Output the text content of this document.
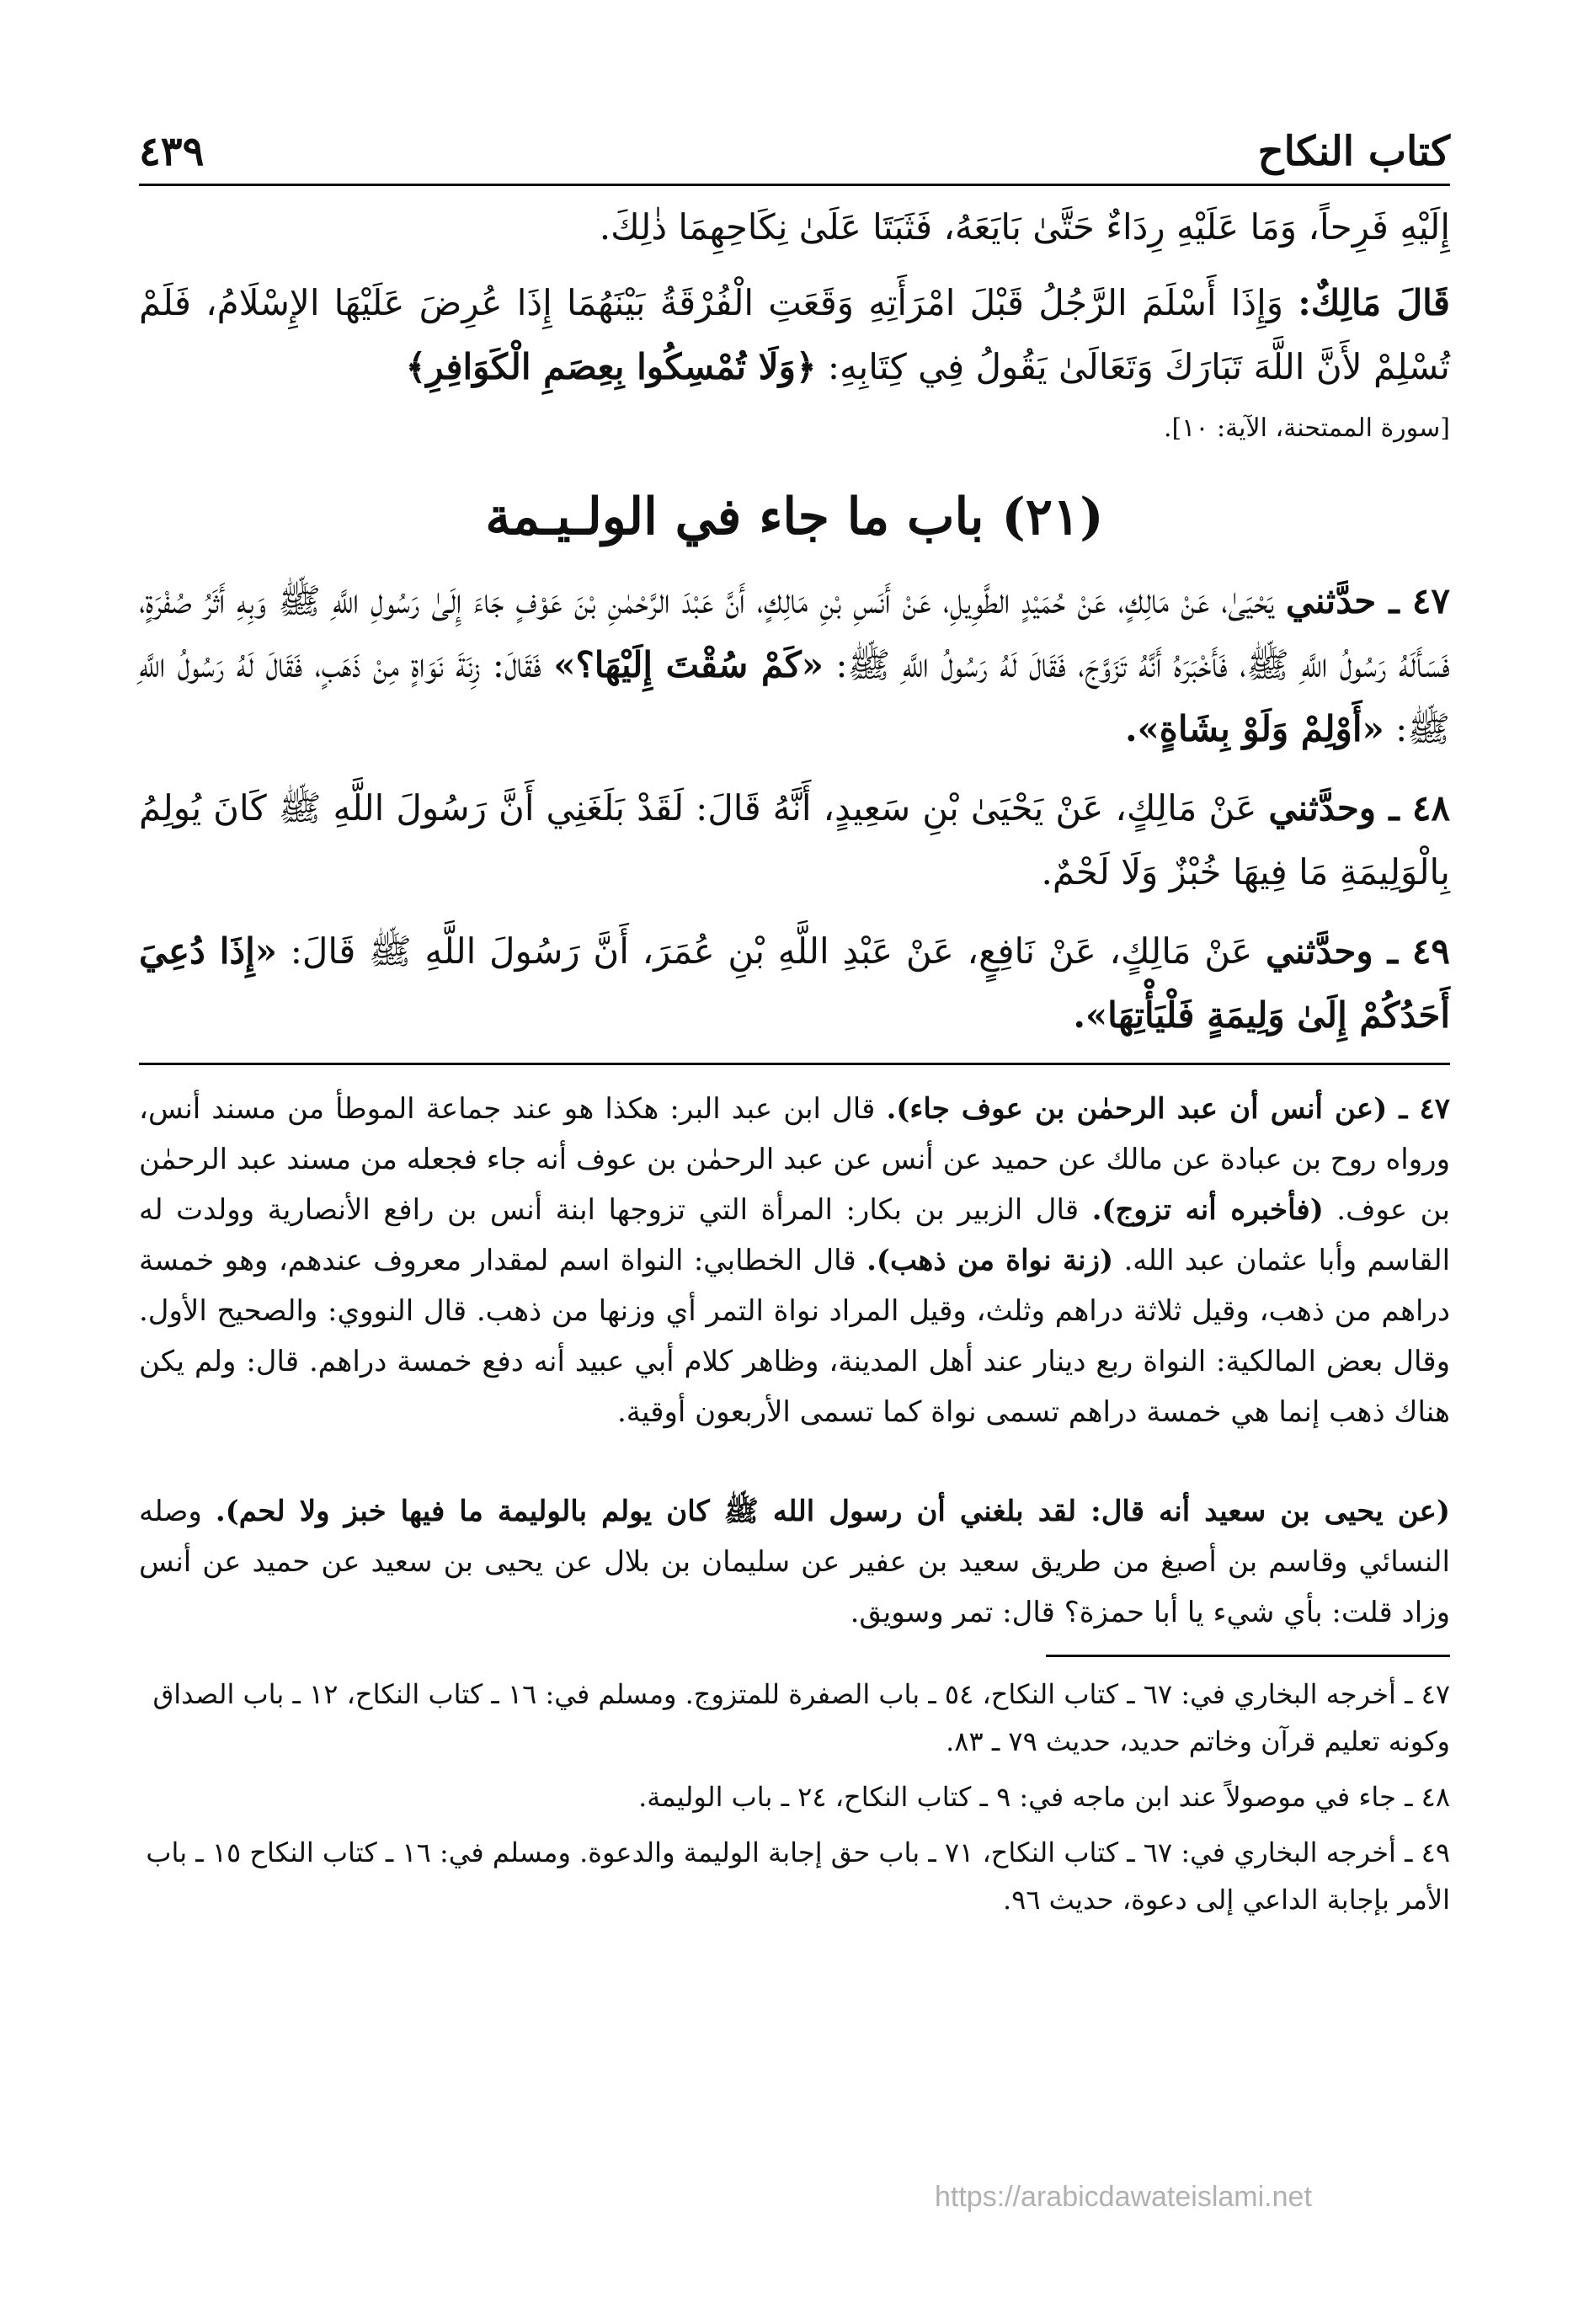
كتاب النكاح
٤٣٩

إِلَيْهِ فَرِحاً، وَمَا عَلَيْهِ رِدَاءٌ حَتَّىٰ بَايَعَهُ، فَثَبَتَا عَلَىٰ نِكَاحِهِمَا ذٰلِكَ.

قَالَ مَالِكٌ: وَإِذَا أَسْلَمَ الرَّجُلُ قَبْلَ امْرَأَتِهِ وَقَعَتِ الْفُرْقَةُ بَيْنَهُمَا إِذَا عُرِضَ عَلَيْهَا الإِسْلَامُ، فَلَمْ تُسْلِمْ لأَنَّ اللَّهَ تَبَارَكَ وَتَعَالَىٰ يَقُولُ فِي كِتَابِهِ: ﴿وَلَا تُمْسِكُوا بِعِصَمِ الْكَوَافِرِ﴾

[سورة الممتحنة، الآية: ١٠].
(٢١) باب ما جاء في الولـيـمة

٤٧ ـ حدَّثني يَحْيَىٰ، عَنْ مَالِكٍ، عَنْ حُمَيْدٍ الطَّوِيلِ، عَنْ أَنَسِ بْنِ مَالِكٍ، أَنَّ عَبْدَ الرَّحْمٰنِ بْنَ عَوْفٍ جَاءَ إِلَىٰ رَسُولِ اللَّهِ ﷺ وَبِهِ أَثَرُ صُفْرَةٍ، فَسَأَلَهُ رَسُولُ اللَّهِ ﷺ، فَأَخْبَرَهُ أَنَّهُ تَزَوَّجَ، فَقَالَ لَهُ رَسُولُ اللَّهِ ﷺ: «كَمْ سُقْتَ إِلَيْهَا؟» فَقَالَ: زِنَةَ نَوَاةٍ مِنْ ذَهَبٍ، فَقَالَ لَهُ رَسُولُ اللَّهِ ﷺ: «أَوْلِمْ وَلَوْ بِشَاةٍ».

٤٨ ـ وحدَّثني عَنْ مَالِكٍ، عَنْ يَحْيَىٰ بْنِ سَعِيدٍ، أَنَّهُ قَالَ: لَقَدْ بَلَغَنِي أَنَّ رَسُولَ اللَّهِ ﷺ كَانَ يُولِمُ بِالْوَلِيمَةِ مَا فِيهَا خُبْزٌ وَلَا لَحْمٌ.

٤٩ ـ وحدَّثني عَنْ مَالِكٍ، عَنْ نَافِعٍ، عَنْ عَبْدِ اللَّهِ بْنِ عُمَرَ، أَنَّ رَسُولَ اللَّهِ ﷺ قَالَ: «إِذَا دُعِيَ أَحَدُكُمْ إِلَىٰ وَلِيمَةٍ فَلْيَأْتِهَا».

٤٧ ـ (عن أنس أن عبد الرحمٰن بن عوف جاء). قال ابن عبد البر: هكذا هو عند جماعة الموطأ من مسند أنس، ورواه روح بن عبادة عن مالك عن حميد عن أنس عن عبد الرحمٰن بن عوف أنه جاء فجعله من مسند عبد الرحمٰن بن عوف. (فأخبره أنه تزوج). قال الزبير بن بكار: المرأة التي تزوجها ابنة أنس بن رافع الأنصارية وولدت له القاسم وأبا عثمان عبد الله. (زنة نواة من ذهب). قال الخطابي: النواة اسم لمقدار معروف عندهم، وهو خمسة دراهم من ذهب، وقيل ثلاثة دراهم وثلث، وقيل المراد نواة التمر أي وزنها من ذهب. قال النووي: والصحيح الأول. وقال بعض المالكية: النواة ربع دينار عند أهل المدينة، وظاهر كلام أبي عبيد أنه دفع خمسة دراهم. قال: ولم يكن هناك ذهب إنما هي خمسة دراهم تسمى نواة كما تسمى الأربعون أوقية.

(عن يحيى بن سعيد أنه قال: لقد بلغني أن رسول الله ﷺ كان يولم بالوليمة ما فيها خبز ولا لحم). وصله النسائي وقاسم بن أصبغ من طريق سعيد بن عفير عن سليمان بن بلال عن يحيى بن سعيد عن حميد عن أنس وزاد قلت: بأي شيء يا أبا حمزة؟ قال: تمر وسويق.

٤٧ ـ أخرجه البخاري في: ٦٧ ـ كتاب النكاح، ٥٤ ـ باب الصفرة للمتزوج. ومسلم في: ١٦ ـ كتاب النكاح، ١٢ ـ باب الصداق وكونه تعليم قرآن وخاتم حديد، حديث ٧٩ ـ ٨٣.

٤٨ ـ جاء في موصولاً عند ابن ماجه في: ٩ ـ كتاب النكاح، ٢٤ ـ باب الوليمة.

٤٩ ـ أخرجه البخاري في: ٦٧ ـ كتاب النكاح، ٧١ ـ باب حق إجابة الوليمة والدعوة. ومسلم في: ١٦ ـ كتاب النكاح ١٥ ـ باب الأمر بإجابة الداعي إلى دعوة، حديث ٩٦.

https://arabicdawateislami.net
